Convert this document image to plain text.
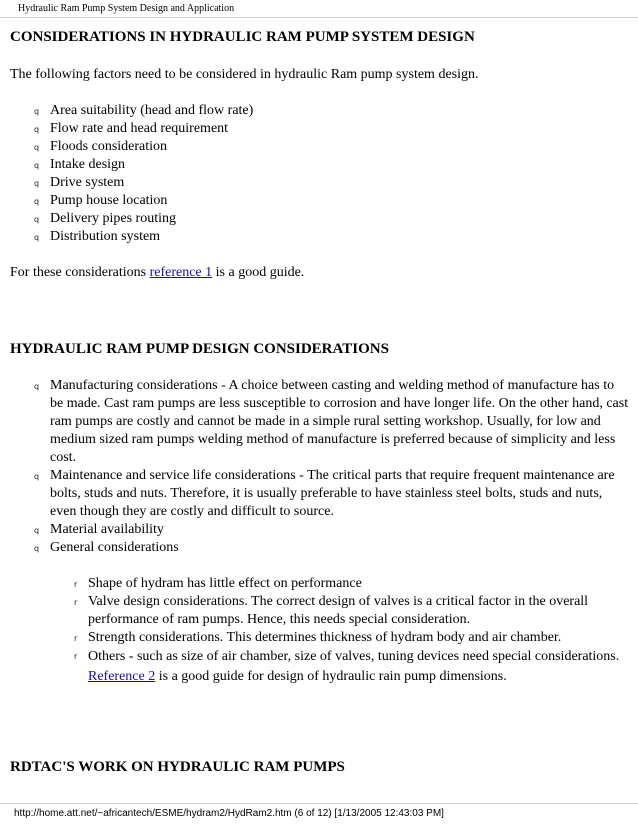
Hydraulic Ram Pump System Design and Application
CONSIDERATIONS IN HYDRAULIC RAM PUMP SYSTEM DESIGN

The following factors need to be considered in hydraulic Ram pump system design.

q Area suitability (head and flow rate)
q Flow rate and head requirement
q Floods consideration
q Intake design
q Drive system
q Pump house location
q Delivery pipes routing
q Distribution system

For these considerations reference 1 is a good guide.

HYDRAULIC RAM PUMP DESIGN CONSIDERATIONS
q Manufacturing considerations - A choice between casting and welding method of manufacture has to be made. Cast ram pumps are less susceptible to corrosion and have longer life. On the other hand, cast ram pumps are costly and cannot be made in a simple rural setting workshop. Usually, for low and medium sized ram pumps welding method of manufacture is preferred because of simplicity and less cost.
q Maintenance and service life considerations - The critical parts that require frequent maintenance are bolts, studs and nuts. Therefore, it is usually preferable to have stainless steel bolts, studs and nuts, even though they are costly and difficult to source.
q Material availability
q General considerations
r Shape of hydram has little effect on performance
r Valve design considerations. The correct design of valves is a critical factor in the overall performance of ram pumps. Hence, this needs special consideration.
r Strength considerations. This determines thickness of hydram body and air chamber.
r Others - such as size of air chamber, size of valves, tuning devices need special considerations. Reference 2 is a good guide for design of hydraulic rain pump dimensions.
RDTAC'S WORK ON HYDRAULIC RAM PUMPS
http://home.att.net/~africantech/ESME/hydram2/HydRam2.htm (6 of 12) [1/13/2005 12:43:03 PM]
